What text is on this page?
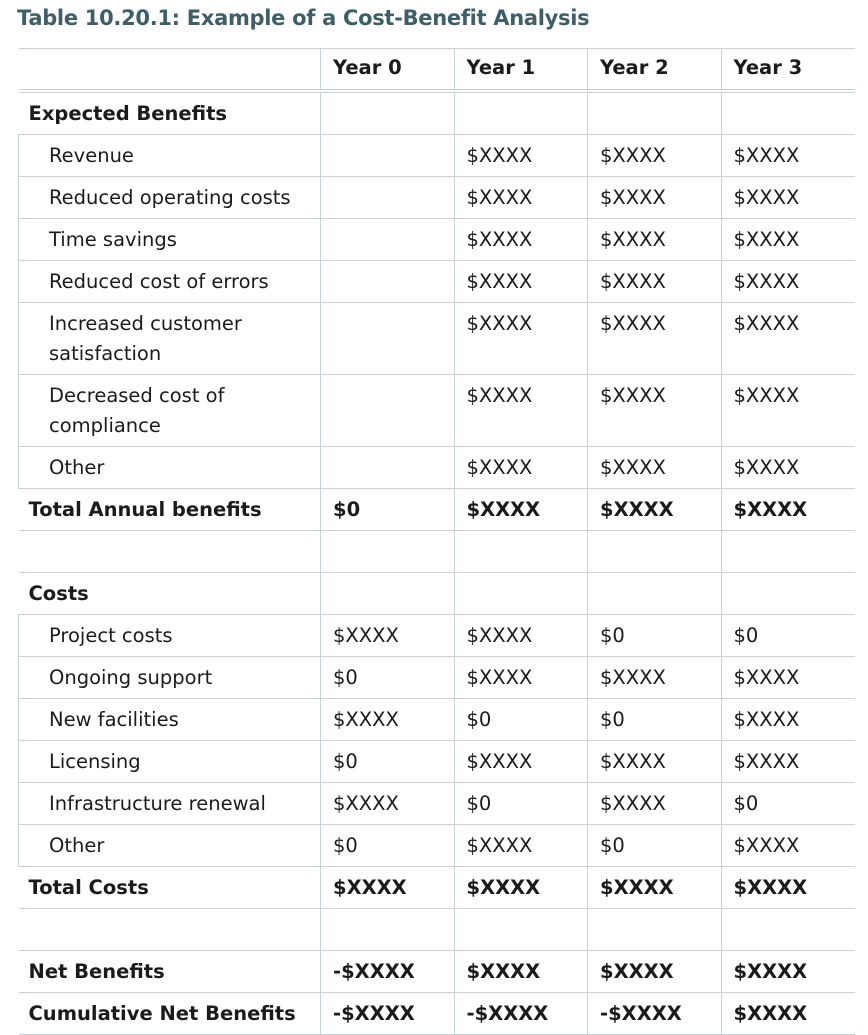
Table 10.20.1: Example of a Cost-Benefit Analysis
	Year 0	Year 1	Year 2	Year 3
Expected Benefits				
Revenue		$XXXX	$XXXX	$XXXX
Reduced operating costs		$XXXX	$XXXX	$XXXX
Time savings		$XXXX	$XXXX	$XXXX
Reduced cost of errors		$XXXX	$XXXX	$XXXX
Increased customer satisfaction		$XXXX	$XXXX	$XXXX
Decreased cost of compliance		$XXXX	$XXXX	$XXXX
Other		$XXXX	$XXXX	$XXXX
Total Annual benefits	$0	$XXXX	$XXXX	$XXXX

Costs				
Project costs	$XXXX	$XXXX	$0	$0
Ongoing support	$0	$XXXX	$XXXX	$XXXX
New facilities	$XXXX	$0	$0	$XXXX
Licensing	$0	$XXXX	$XXXX	$XXXX
Infrastructure renewal	$XXXX	$0	$XXXX	$0
Other	$0	$XXXX	$0	$XXXX
Total Costs	$XXXX	$XXXX	$XXXX	$XXXX

Net Benefits	-$XXXX	$XXXX	$XXXX	$XXXX
Cumulative Net Benefits	-$XXXX	-$XXXX	-$XXXX	$XXXX
